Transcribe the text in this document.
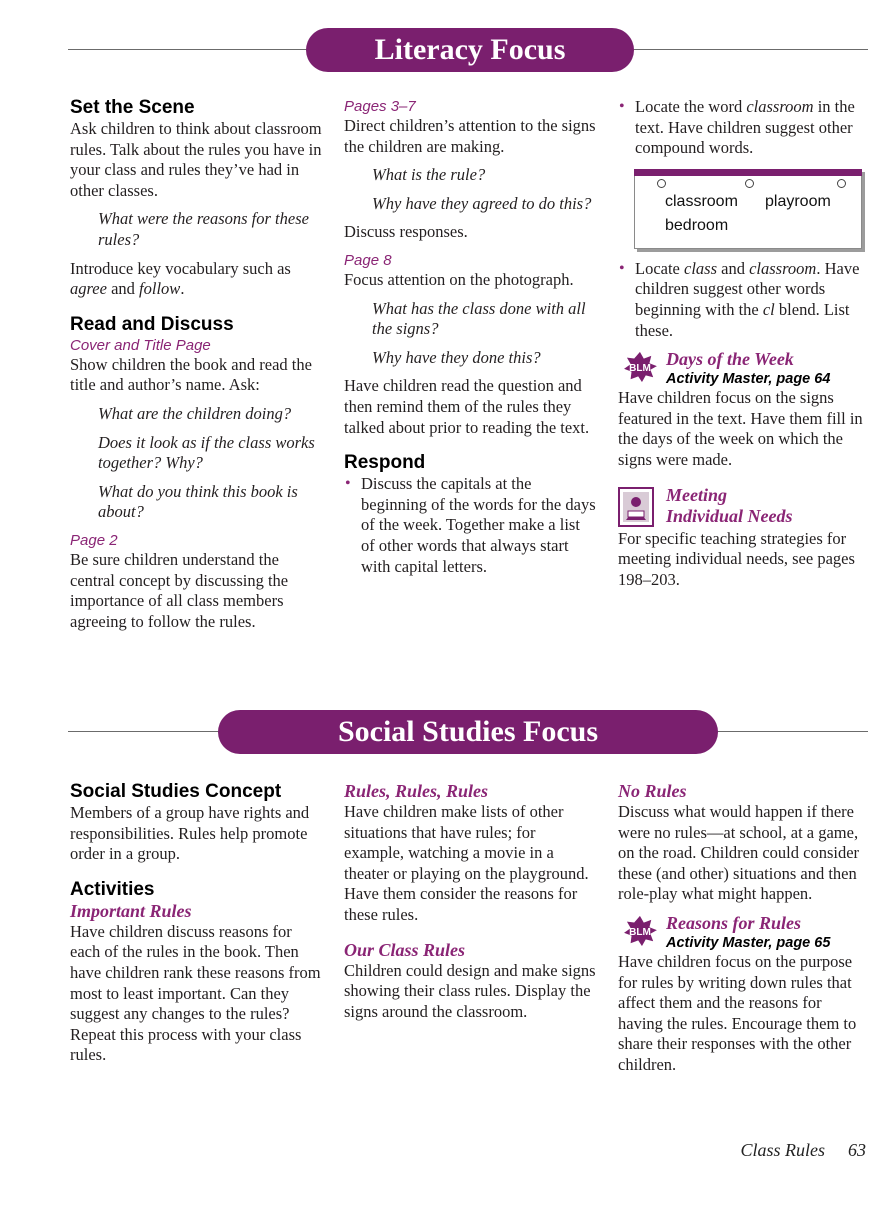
Literacy Focus
Set the Scene

Ask children to think about classroom rules. Talk about the rules you have in your class and rules they’ve had in other classes.

What were the reasons for these rules?

Introduce key vocabulary such as agree and follow.

Read and Discuss
Cover and Title Page

Show children the book and read the title and author’s name. Ask:

What are the children doing?

Does it look as if the class works together? Why?

What do you think this book is about?

Page 2

Be sure children understand the central concept by discussing the importance of all class members agreeing to follow the rules.

Pages 3–7

Direct children’s attention to the signs the children are making.

What is the rule?

Why have they agreed to do this?

Discuss responses.

Page 8

Focus attention on the photograph.

What has the class done with all the signs?

Why have they done this?

Have children read the question and then remind them of the rules they talked about prior to reading the text.

Respond
• Discuss the capitals at the beginning of the words for the days of the week. Together make a list of other words that always start with capital letters.
• Locate the word classroom in the text. Have children suggest other compound words.
classroom playroom
bedroom
• Locate class and classroom. Have children suggest other words beginning with the cl blend. List these.
BLM Days of the Week
Activity Master, page 64

Have children focus on the signs featured in the text. Have them fill in the days of the week on which the signs were made.

Meeting
Individual Needs

For specific teaching strategies for meeting individual needs, see pages 198–203.

Social Studies Focus
Social Studies Concept

Members of a group have rights and responsibilities. Rules help promote order in a group.

Activities
Important Rules

Have children discuss reasons for each of the rules in the book. Then have children rank these reasons from most to least important. Can they suggest any changes to the rules? Repeat this process with your class rules.

Rules, Rules, Rules

Have children make lists of other situations that have rules; for example, watching a movie in a theater or playing on the playground. Have them consider the reasons for these rules.

Our Class Rules

Children could design and make signs showing their class rules. Display the signs around the classroom.

No Rules

Discuss what would happen if there were no rules—at school, at a game, on the road. Children could consider these (and other) situations and then role-play what might happen.

BLM Reasons for Rules
Activity Master, page 65

Have children focus on the purpose for rules by writing down rules that affect them and the reasons for having the rules. Encourage them to share their responses with the other children.

Class Rules 63
